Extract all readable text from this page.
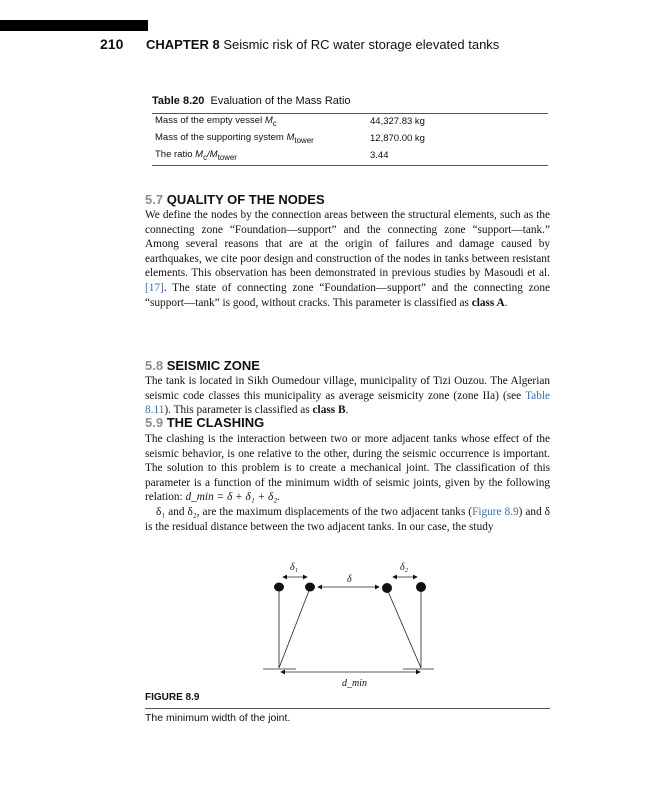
210 CHAPTER 8 Seismic risk of RC water storage elevated tanks
Table 8.20 Evaluation of the Mass Ratio
Mass of the empty vessel $M_c$	44,327.83 kg
Mass of the supporting system $M_{tower}$	12,870.00 kg
The ratio $M_c/M_{tower}$	3.44
5.7 QUALITY OF THE NODES

We define the nodes by the connection areas between the structural elements, such as the connecting zone “Foundation—support” and the connecting zone “support—tank.” Among several reasons that are at the origin of failures and damage caused by earthquakes, we cite poor design and construction of the nodes in tanks between resistant elements. This observation has been demonstrated in previous studies by Masoudi et al. [17]. The state of connecting zone “Foundation—support” and the connecting zone “support—tank” is good, without cracks. This parameter is classified as class A.

5.8 SEISMIC ZONE

The tank is located in Sikh Oumedour village, municipality of Tizi Ouzou. The Algerian seismic code classes this municipality as average seismicity zone (zone IIa) (see Table 8.11). This parameter is classified as class B.

5.9 THE CLASHING

The clashing is the interaction between two or more adjacent tanks whose effect of the seismic behavior, is one relative to the other, during the seismic occurrence is important. The solution to this problem is to create a mechanical joint. The classification of this parameter is a function of the minimum width of seismic joints, given by the following relation: d_min = δ + δ₁ + δ₂.

δ₁ and δ₂, are the maximum displacements of the two adjacent tanks (Figure 8.9) and δ is the residual distance between the two adjacent tanks. In our case, the study

δ₁
δ
δ₂
d_min
FIGURE 8.9
The minimum width of the joint.
